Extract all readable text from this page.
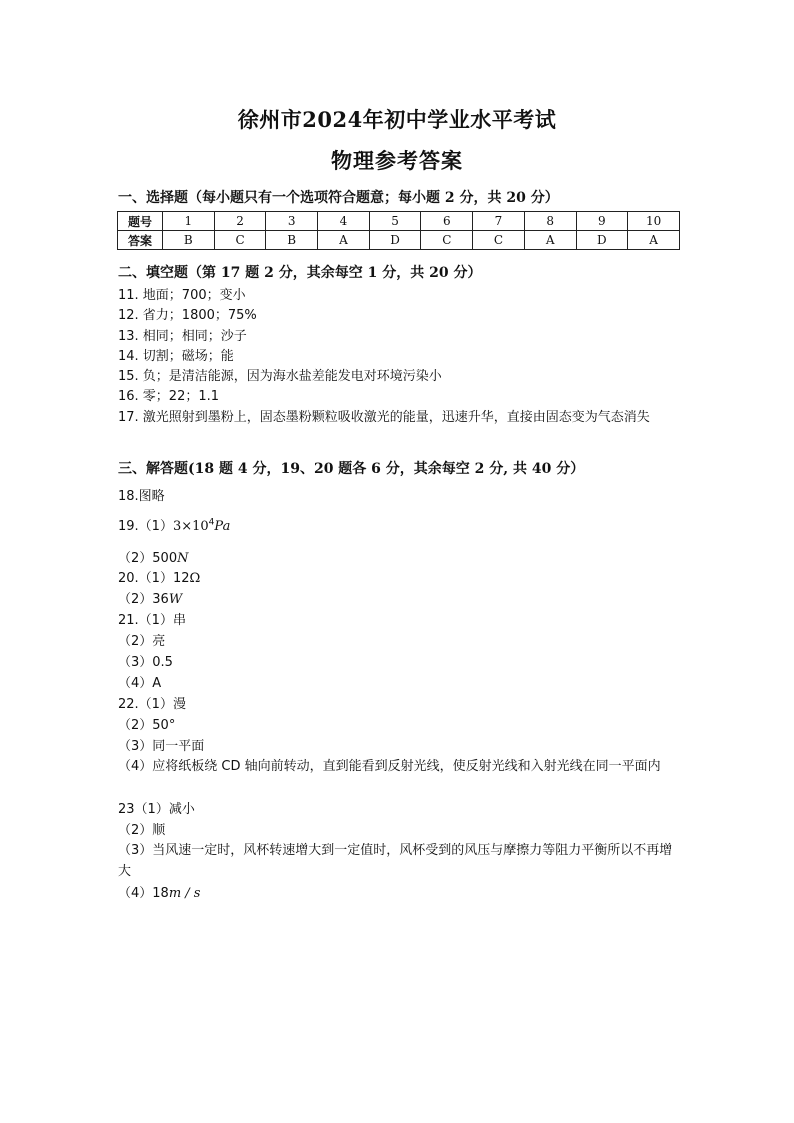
徐州市2024年初中学业水平考试
物理参考答案
一、选择题（每小题只有一个选项符合题意；每小题 2 分，共 20 分）
题号	1	2	3	4	5	6	7	8	9	10
答案	B	C	B	A	D	C	C	A	D	A
二、填空题（第 17 题 2 分，其余每空 1 分，共 20 分）
11. 地面；700；变小
12. 省力；1800；75%
13. 相同；相同；沙子
14. 切割；磁场；能
15. 负；是清洁能源，因为海水盐差能发电对环境污染小
16. 零；22；1.1
17. 激光照射到墨粉上，固态墨粉颗粒吸收激光的能量，迅速升华，直接由固态变为气态消失
三、解答题(18 题 4 分，19、20 题各 6 分，其余每空 2 分, 共 40 分）
18.图略
$19.(1)3\times 10^4Pa$
（2）500N
20.（1）12Ω
（2）36W
21.（1）串
（2）亮
（3）0.5
（4）A
22.（1）漫
（2）50°
（3）同一平面
（4）应将纸板绕 CD 轴向前转动，直到能看到反射光线，使反射光线和入射光线在同一平面内
23（1）减小
（2）顺
（3）当风速一定时，风杯转速增大到一定值时，风杯受到的风压与摩擦力等阻力平衡所以不再增大
（4）18m / s
